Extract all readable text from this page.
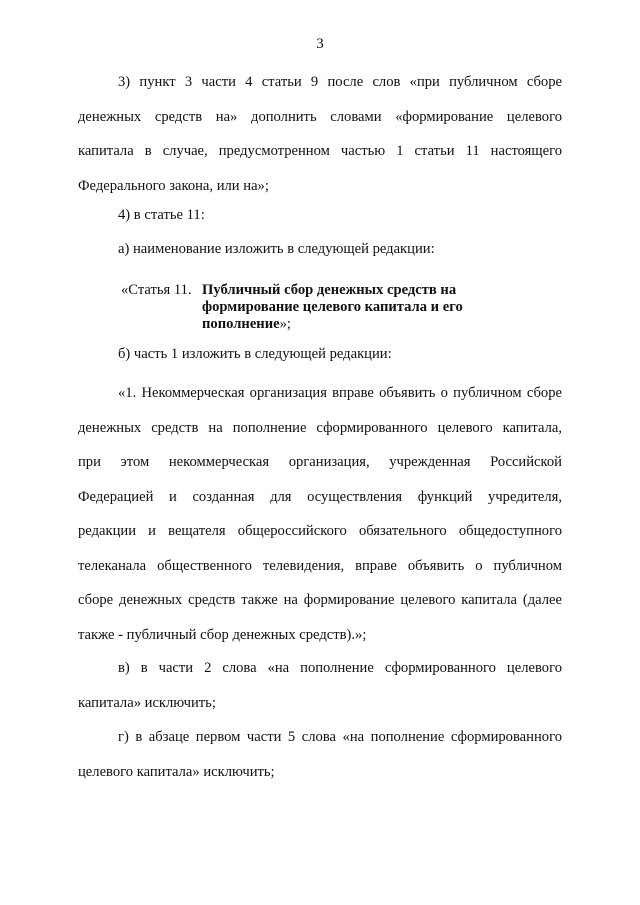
3
3) пункт 3 части 4 статьи 9 после слов «при публичном сборе
денежных средств на» дополнить словами «формирование целевого
капитала в случае, предусмотренном частью 1 статьи 11 настоящего
Федерального закона, или на»;
4) в статье 11:
а) наименование изложить в следующей редакции:
«Статья 11. Публичный сбор денежных средств на
формирование целевого капитала и его
пополнение»;
б) часть 1 изложить в следующей редакции:
«1. Некоммерческая организация вправе объявить о публичном сборе
денежных средств на пополнение сформированного целевого капитала,
при этом некоммерческая организация, учрежденная Российской
Федерацией и созданная для осуществления функций учредителя,
редакции и вещателя общероссийского обязательного общедоступного
телеканала общественного телевидения, вправе объявить о публичном
сборе денежных средств также на формирование целевого капитала (далее
также - публичный сбор денежных средств).»;
в) в части 2 слова «на пополнение сформированного целевого
капитала» исключить;
г) в абзаце первом части 5 слова «на пополнение сформированного
целевого капитала» исключить;
